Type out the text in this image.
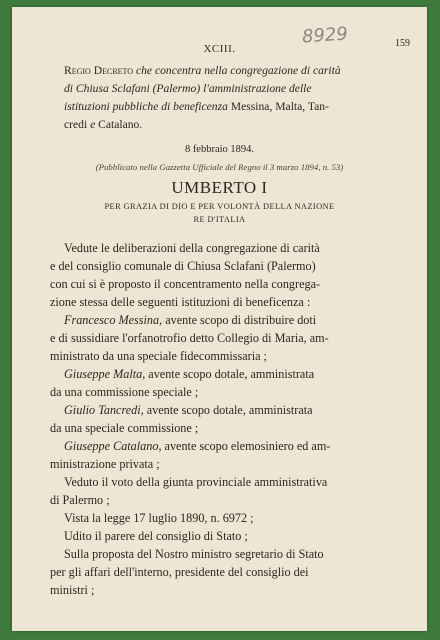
8929
XCIII.	159
Regio Decreto che concentra nella congregazione di carità
di Chiusa Sclafani (Palermo) l'amministrazione delle
istituzioni pubbliche di beneficenza Messina, Malta, Tan-
credi e Catalano.
8 febbraio 1894.
(Pubblicato nella Gazzetta Ufficiale del Regno il 3 marzo 1894, n. 53)
UMBERTO I
PER GRAZIA DI DIO E PER VOLONTÀ DELLA NAZIONE
RE D'ITALIA
Vedute le deliberazioni della congregazione di carità
e del consiglio comunale di Chiusa Sclafani (Palermo)
con cui si è proposto il concentramento nella congrega-
zione stessa delle seguenti istituzioni di beneficenza :
Francesco Messina, avente scopo di distribuire doti
e di sussidiare l'orfanotrofio detto Collegio di Maria, am-
ministrato da una speciale fidecommissaria ;
Giuseppe Malta, avente scopo dotale, amministrata
da una commissione speciale ;
Giulio Tancredi, avente scopo dotale, amministrata
da una speciale commissione ;
Giuseppe Catalano, avente scopo elemosiniero ed am-
ministrazione privata ;
Veduto il voto della giunta provinciale amministrativa
di Palermo ;
Vista la legge 17 luglio 1890, n. 6972 ;
Udito il parere del consiglio di Stato ;
Sulla proposta del Nostro ministro segretario di Stato
per gli affari dell'interno, presidente del consiglio dei
ministri ;
